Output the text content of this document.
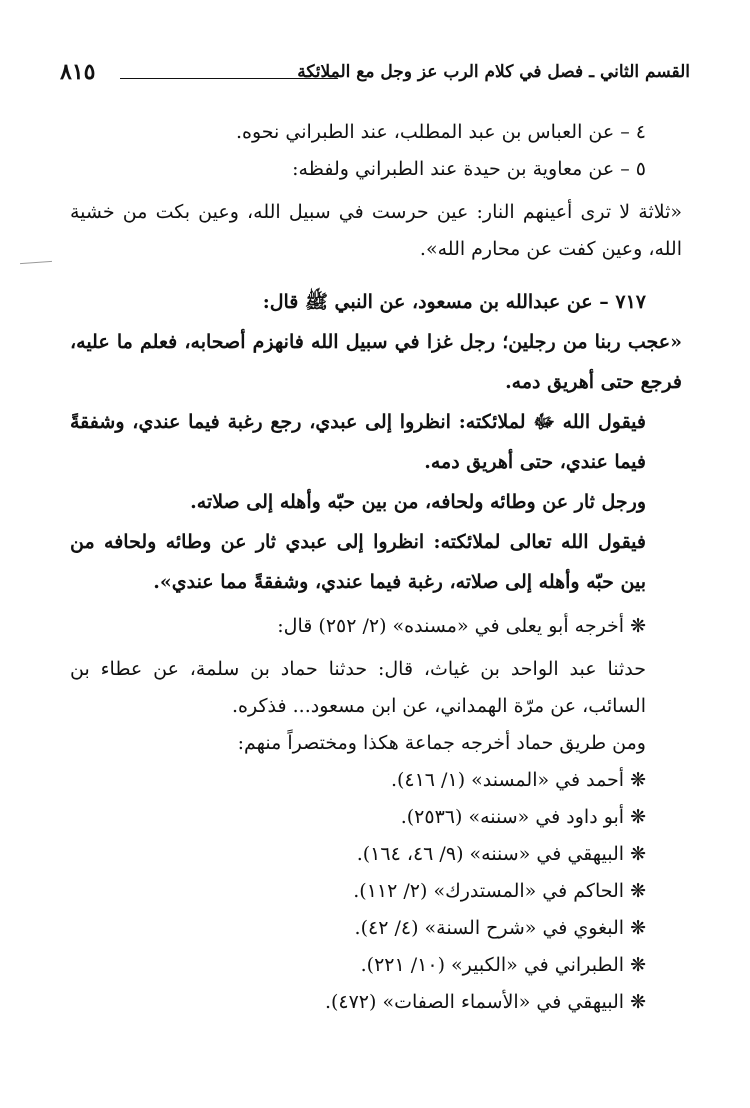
القسم الثاني ـ فصل في كلام الرب عز وجل مع الملائكة
٨١٥

٤ – عن العباس بن عبد المطلب، عند الطبراني نحوه.

٥ – عن معاوية بن حيدة عند الطبراني ولفظه:

«ثلاثة لا ترى أعينهم النار: عين حرست في سبيل الله، وعين بكت من خشية الله، وعين كفت عن محارم الله».

٧١٧ – عن عبدالله بن مسعود، عن النبي ﷺ قال:

«عجب ربنا من رجلين؛ رجل غزا في سبيل الله فانهزم أصحابه، فعلم ما عليه، فرجع حتى أهريق دمه.

فيقول الله ﷻ لملائكته: انظروا إلى عبدي، رجع رغبة فيما عندي، وشفقةً فيما عندي، حتى أهريق دمه.

ورجل ثار عن وطائه ولحافه، من بين حبّه وأهله إلى صلاته.

فيقول الله تعالى لملائكته: انظروا إلى عبدي ثار عن وطائه ولحافه من بين حبّه وأهله إلى صلاته، رغبة فيما عندي، وشفقةً مما عندي».

❋أخرجه أبو يعلى في «مسنده» (٢/ ٢٥٢) قال:

حدثنا عبد الواحد بن غياث، قال: حدثنا حماد بن سلمة، عن عطاء بن السائب، عن مرّة الهمداني، عن ابن مسعود... فذكره.

ومن طريق حماد أخرجه جماعة هكذا ومختصراً منهم:

❋أحمد في «المسند» (١/ ٤١٦).

❋أبو داود في «سننه» (٢٥٣٦).

❋البيهقي في «سننه» (٩/ ٤٦، ١٦٤).

❋الحاكم في «المستدرك» (٢/ ١١٢).

❋البغوي في «شرح السنة» (٤/ ٤٢).

❋الطبراني في «الكبير» (١٠/ ٢٢١).

❋البيهقي في «الأسماء الصفات» (٤٧٢).
